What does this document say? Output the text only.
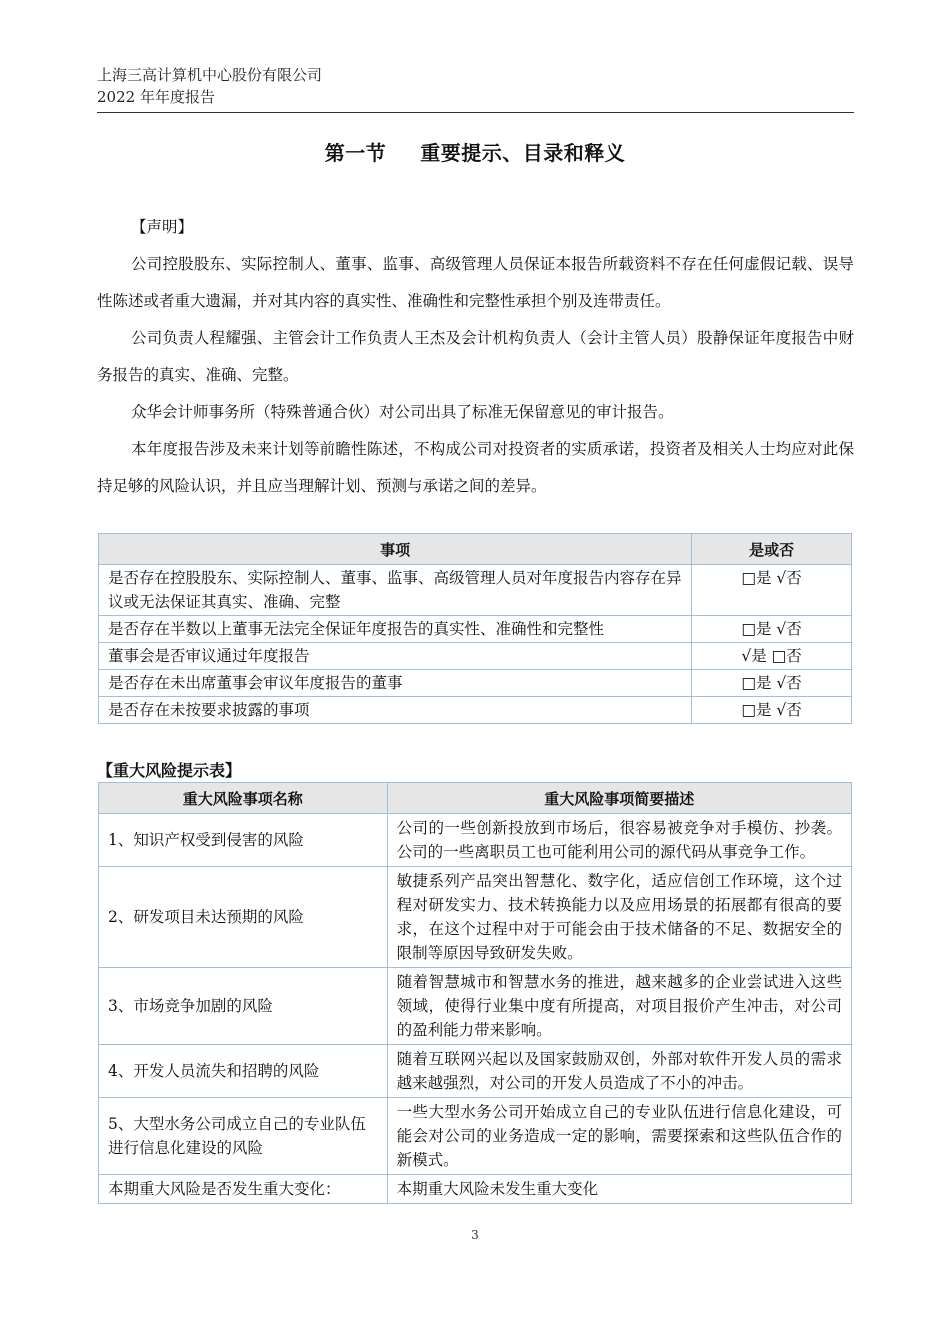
上海三高计算机中心股份有限公司
2022 年年度报告
第一节 重要提示、目录和释义
【声明】

公司控股股东、实际控制人、董事、监事、高级管理人员保证本报告所载资料不存在任何虚假记载、误导性陈述或者重大遗漏，并对其内容的真实性、准确性和完整性承担个别及连带责任。

公司负责人程耀强、主管会计工作负责人王杰及会计机构负责人（会计主管人员）股静保证年度报告中财务报告的真实、准确、完整。

众华会计师事务所（特殊普通合伙）对公司出具了标准无保留意见的审计报告。

本年度报告涉及未来计划等前瞻性陈述，不构成公司对投资者的实质承诺，投资者及相关人士均应对此保持足够的风险认识，并且应当理解计划、预测与承诺之间的差异。

事项	是或否
是否存在控股股东、实际控制人、董事、监事、高级管理人员对年度报告内容存在异议或无法保证其真实、准确、完整	□是 √否
是否存在半数以上董事无法完全保证年度报告的真实性、准确性和完整性	□是 √否
董事会是否审议通过年度报告	√是 □否
是否存在未出席董事会审议年度报告的董事	□是 √否
是否存在未按要求披露的事项	□是 √否
【重大风险提示表】
重大风险事项名称	重大风险事项简要描述
1、知识产权受到侵害的风险	公司的一些创新投放到市场后，很容易被竞争对手模仿、抄袭。公司的一些离职员工也可能利用公司的源代码从事竞争工作。
2、研发项目未达预期的风险	敏捷系列产品突出智慧化、数字化，适应信创工作环境，这个过程对研发实力、技术转换能力以及应用场景的拓展都有很高的要求，在这个过程中对于可能会由于技术储备的不足、数据安全的限制等原因导致研发失败。
3、市场竞争加剧的风险	随着智慧城市和智慧水务的推进，越来越多的企业尝试进入这些领域，使得行业集中度有所提高，对项目报价产生冲击，对公司的盈利能力带来影响。
4、开发人员流失和招聘的风险	随着互联网兴起以及国家鼓励双创，外部对软件开发人员的需求越来越强烈，对公司的开发人员造成了不小的冲击。
5、大型水务公司成立自己的专业队伍进行信息化建设的风险	一些大型水务公司开始成立自己的专业队伍进行信息化建设，可能会对公司的业务造成一定的影响，需要探索和这些队伍合作的新模式。
本期重大风险是否发生重大变化：	本期重大风险未发生重大变化
3
